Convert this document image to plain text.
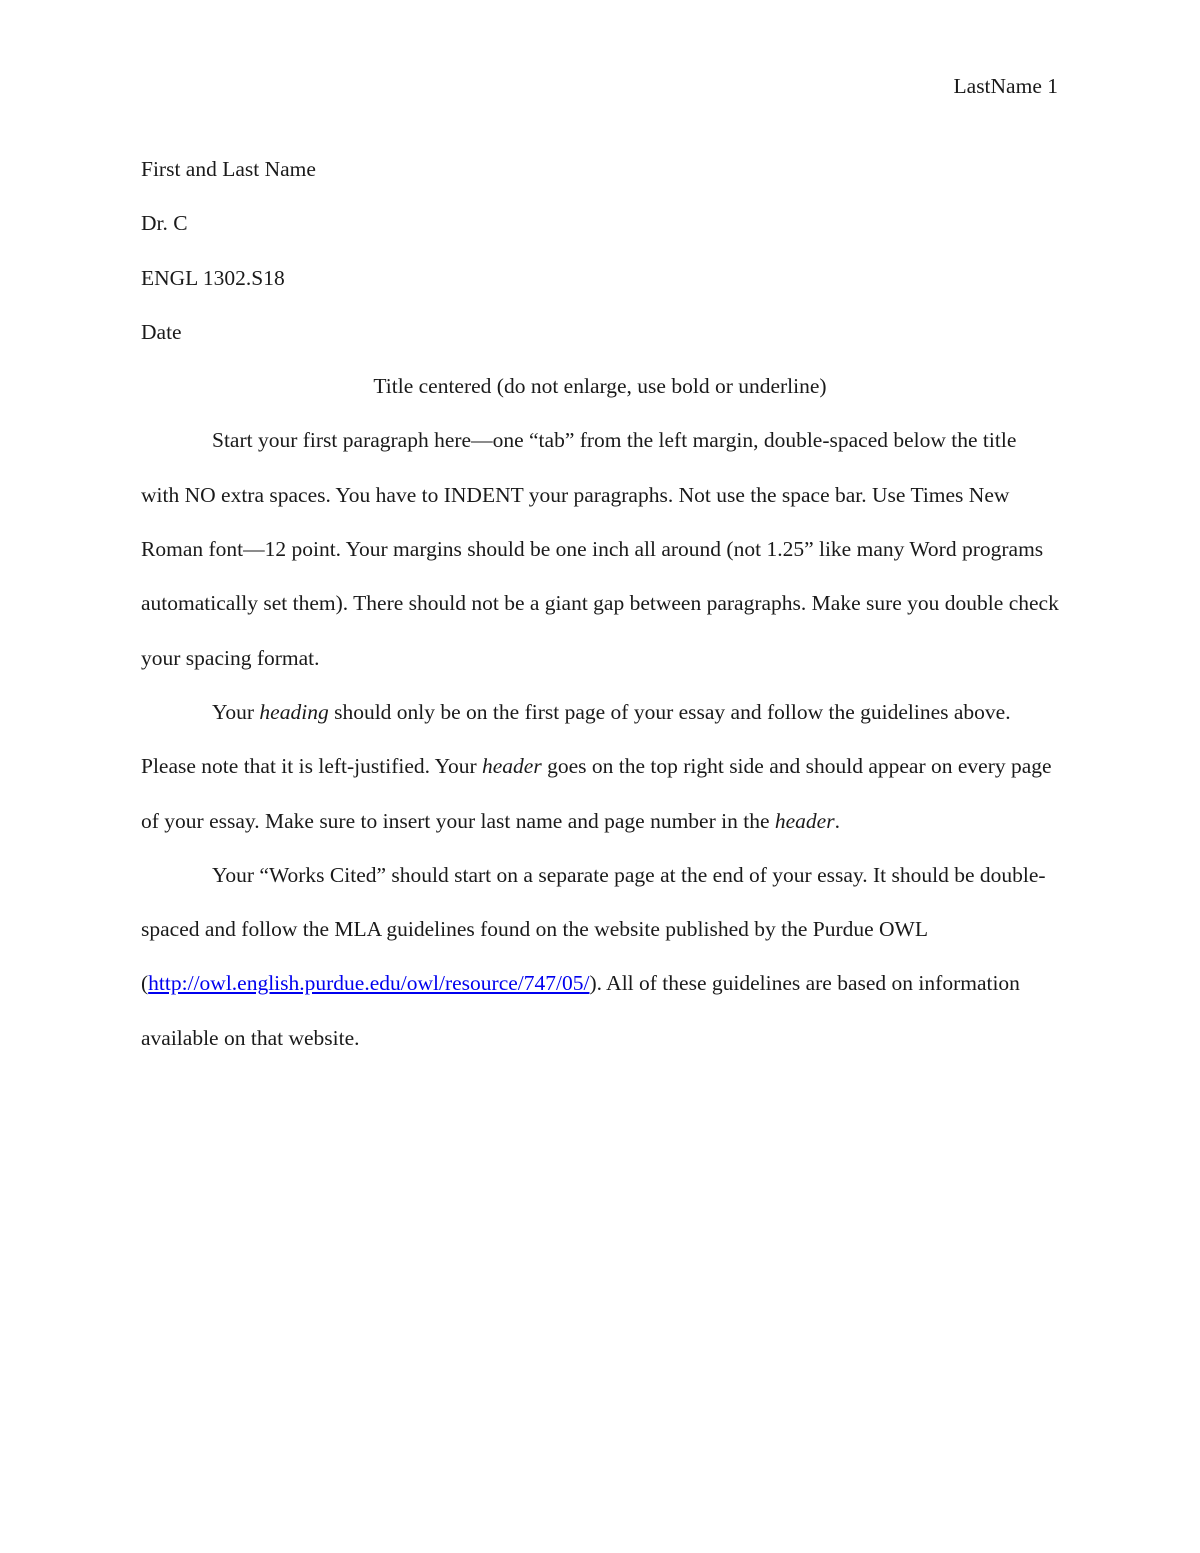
LastName 1

First and Last Name

Dr. C

ENGL 1302.S18

Date

Title centered (do not enlarge, use bold or underline)

Start your first paragraph here—one “tab” from the left margin, double-spaced below the title with NO extra spaces. You have to INDENT your paragraphs. Not use the space bar. Use Times New Roman font—12 point. Your margins should be one inch all around (not 1.25” like many Word programs automatically set them). There should not be a giant gap between paragraphs. Make sure you double check your spacing format.

Your heading should only be on the first page of your essay and follow the guidelines above. Please note that it is left-justified. Your header goes on the top right side and should appear on every page of your essay. Make sure to insert your last name and page number in the header.

Your “Works Cited” should start on a separate page at the end of your essay. It should be double-spaced and follow the MLA guidelines found on the website published by the Purdue OWL (http://owl.english.purdue.edu/owl/resource/747/05/). All of these guidelines are based on information available on that website.
